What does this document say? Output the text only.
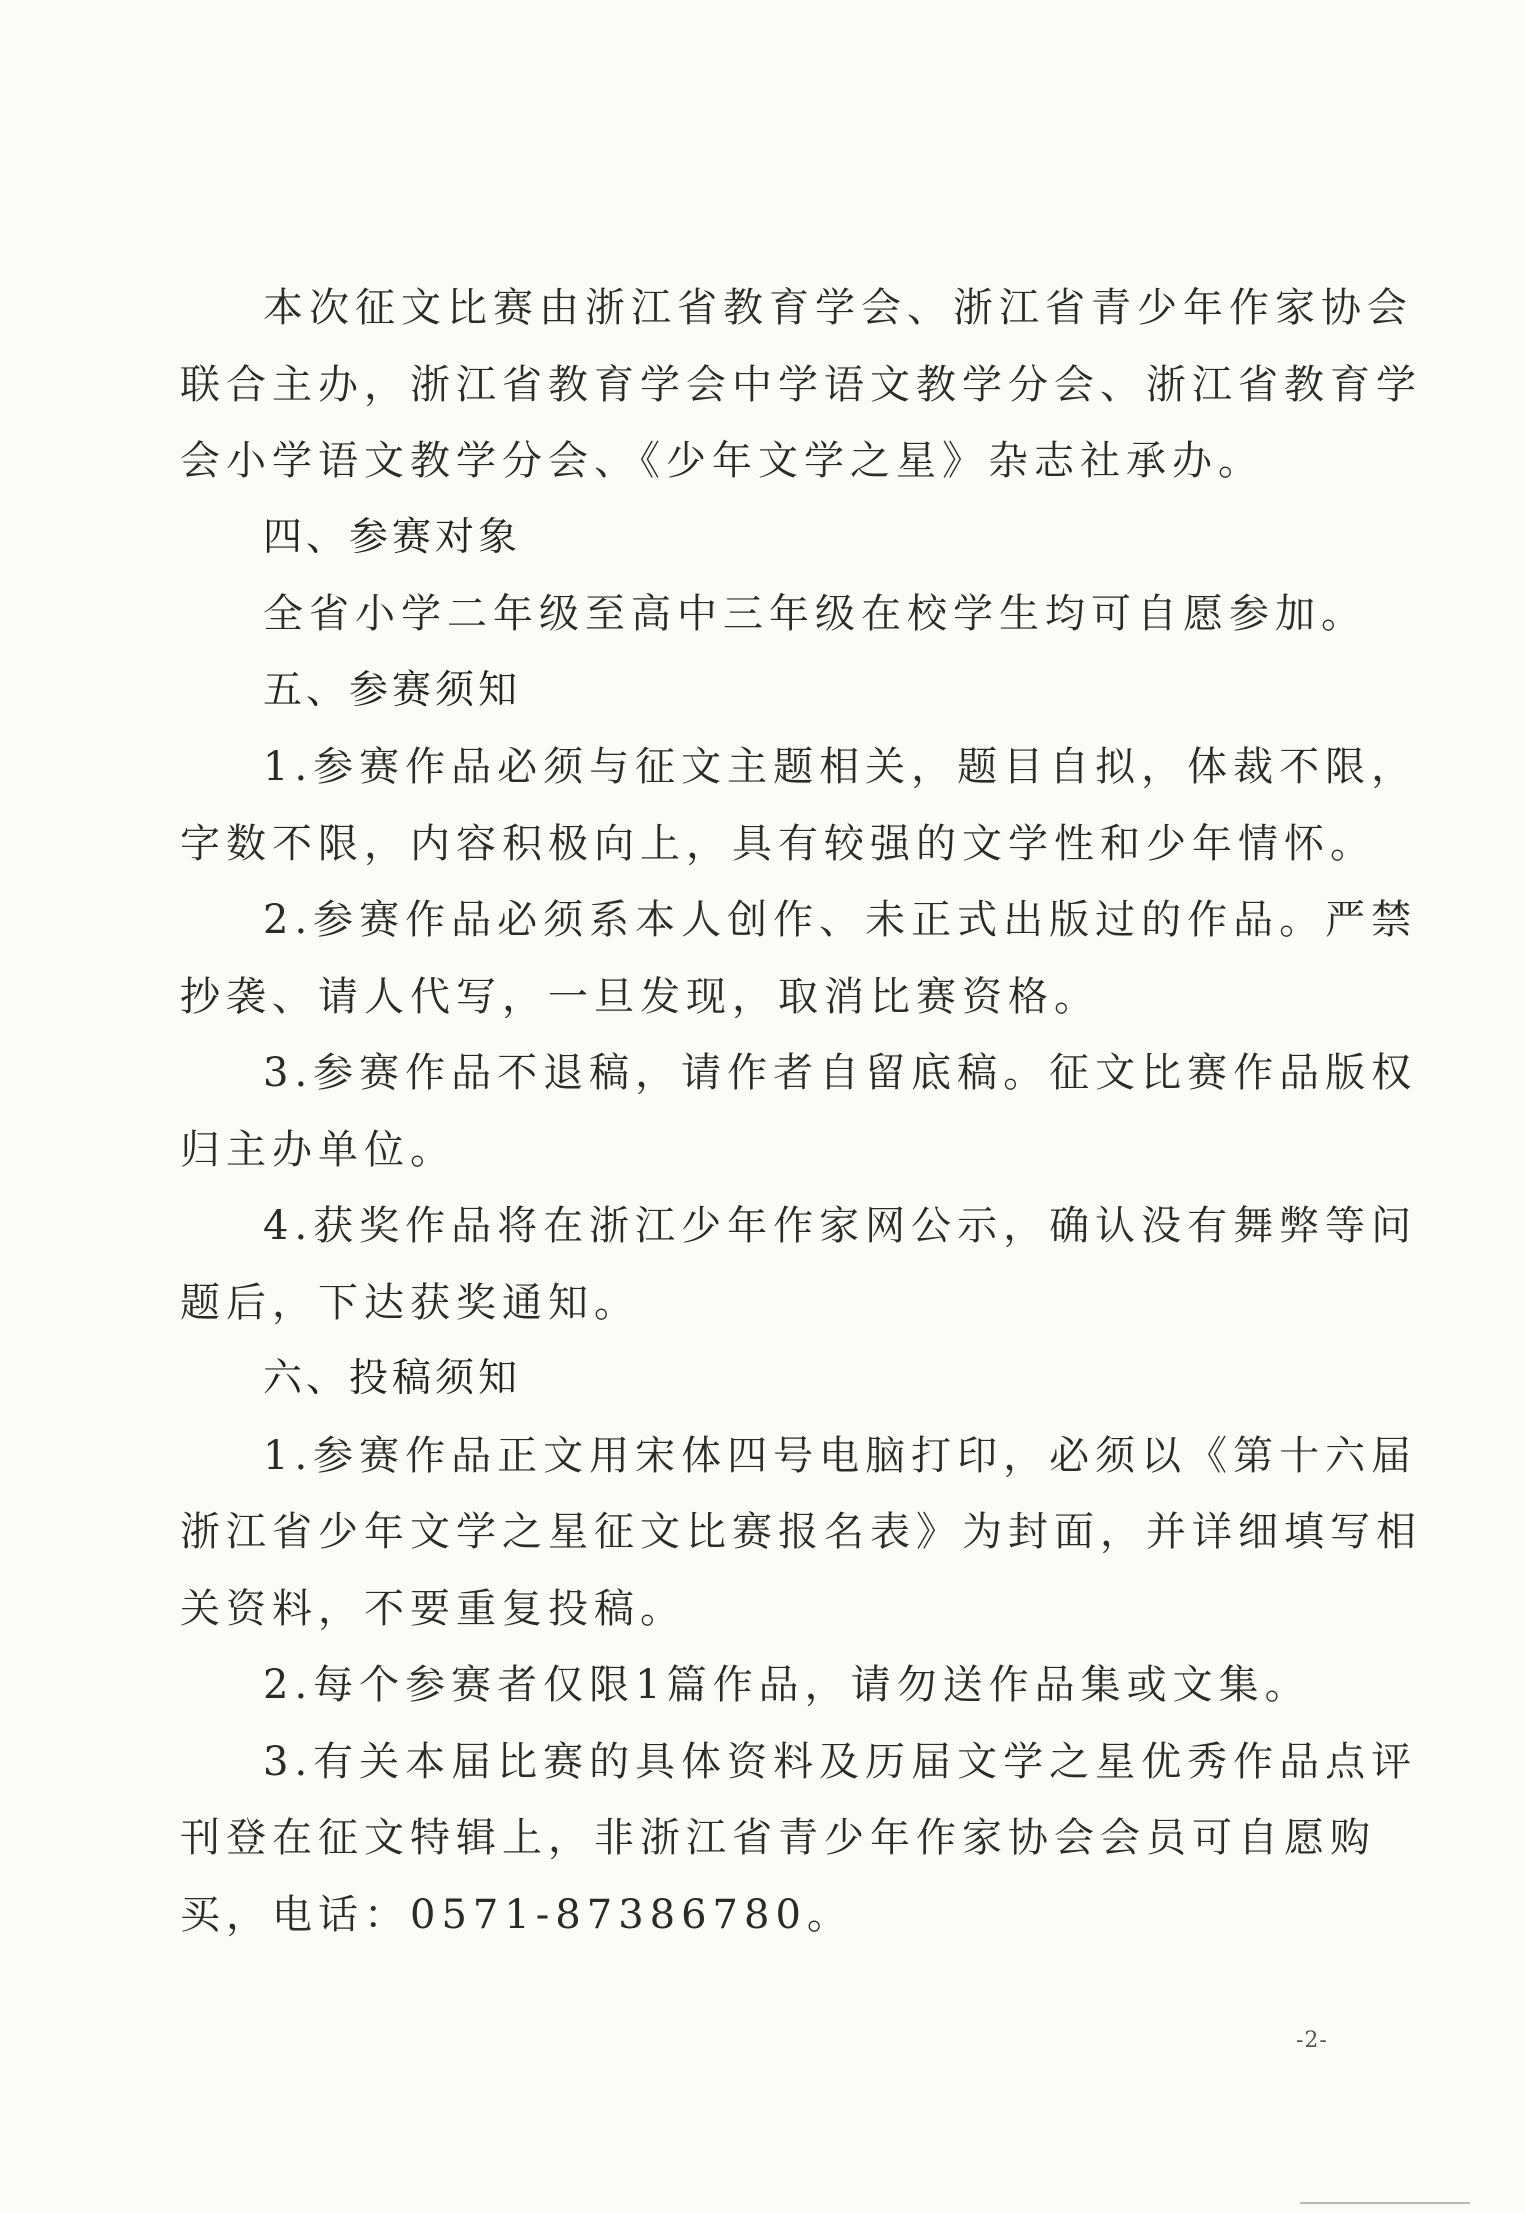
本次征文比赛由浙江省教育学会、浙江省青少年作家协会
联合主办，浙江省教育学会中学语文教学分会、浙江省教育学
会小学语文教学分会、《少年文学之星》杂志社承办。
四、参赛对象
全省小学二年级至高中三年级在校学生均可自愿参加。
五、参赛须知
1.参赛作品必须与征文主题相关，题目自拟，体裁不限，
字数不限，内容积极向上，具有较强的文学性和少年情怀。
2.参赛作品必须系本人创作、未正式出版过的作品。严禁
抄袭、请人代写，一旦发现，取消比赛资格。
3.参赛作品不退稿，请作者自留底稿。征文比赛作品版权
归主办单位。
4.获奖作品将在浙江少年作家网公示，确认没有舞弊等问
题后，下达获奖通知。
六、投稿须知
1.参赛作品正文用宋体四号电脑打印，必须以《第十六届
浙江省少年文学之星征文比赛报名表》为封面，并详细填写相
关资料，不要重复投稿。
2.每个参赛者仅限1篇作品，请勿送作品集或文集。
3.有关本届比赛的具体资料及历届文学之星优秀作品点评
刊登在征文特辑上，非浙江省青少年作家协会会员可自愿购
买，电话：0571-87386780。
-2-
